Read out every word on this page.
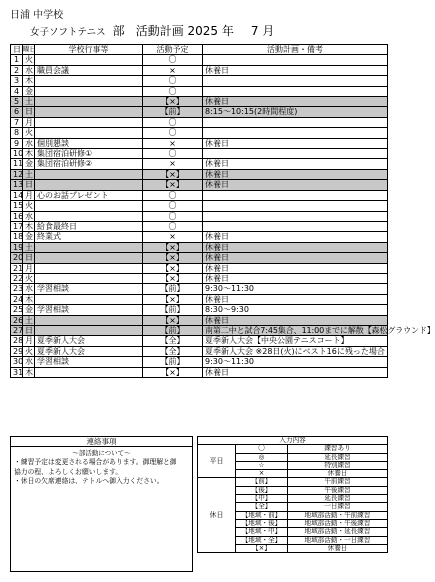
日浦 中学校
女子ソフトテニス 部 活動計画 2025 年 7 月
日	曜日	学校行事等	活動予定	活動計画・備考
1	火		〇	
2	水	職員会議	×	休養日
3	木		〇	
4	金		〇	
5	土		【×】	休養日
6	日		【前】	8:15～10:15(2時間程度)
7	月		〇	
8	火		〇	
9	水	個別懇談	×	休養日
10	木	集団宿泊研修①	〇	
11	金	集団宿泊研修②	×	休養日
12	土		【×】	休養日
13	日		【×】	休養日
14	月	心のお話プレゼント	〇	
15	火		〇	
16	水		〇	
17	木	給食最終日	〇	
18	金	終業式	×	休養日
19	土		【×】	休養日
20	日		【×】	休養日
21	月		【×】	休養日
22	火		【×】	休養日
23	水	学習相談	【前】	9:30～11:30
24	木		【×】	休養日
25	金	学習相談	【前】	8:30～9:30
26	土		【×】	休養日
27	日		【前】	南第二中と試合7:45集合、11:00までに解散【森松グラウンド】
28	月	夏季新人大会	【全】	夏季新人大会【中央公園テニスコート】
29	火	夏季新人大会	【全】	夏季新人大会 ※28日(火)にベスト16に残った場合
30	水	学習相談	【前】	9:30～11:30
31	木		【×】	休養日
連絡事項
～部活動について～
・練習予定は変更される場合があります。御理解と御
協力の程、よろしくお願いします。
・休日の欠席連絡は、テトルへ御入力ください。
入力内容		
平日	〇	練習あり
	◎	延長練習
	☆	特別練習
	×	休養日
休日	【前】	午前練習
	【後】	午後練習
	【中】	延長練習
	【全】	一日練習
	【地域・前】	地域部活動・午前練習
	【地域・後】	地域部活動・午後練習
	【地域・中】	地域部活動・延長練習
	【地域・全】	地域部活動・一日練習
	【×】	休養日
